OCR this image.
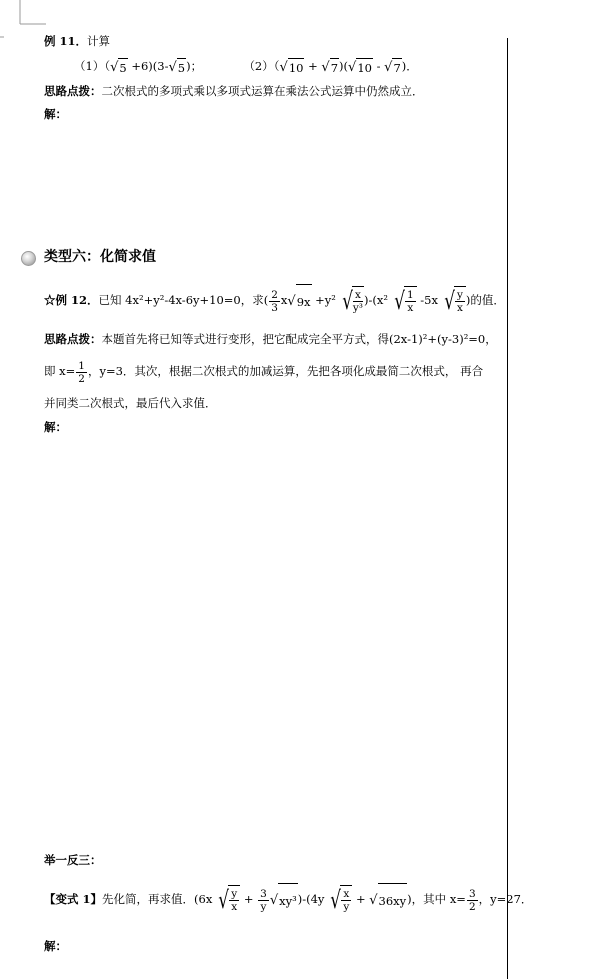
例 11．计算
（1）（ √ 5 +6)(3- √ 5 )；	（2）（ √ 10 + √ 7 )( √ 10 - √ 7 )．
思路点拨：二次根式的多项式乘以多项式运算在乘法公式运算中仍然成立．
解：
类型六：化简求值
☆例 12．已知 4x²+y²-4x-6y+10=0，求( $\frac{2}{3}$ x √ 9x +y² √ $\frac{x}{\text{y³}} )-(x^2$ √ $\frac{1}{x} -5x$ √ $\frac{y}{x}$ )的值．
思路点拨：本题首先将已知等式进行变形，把它配成完全平方式，得(2x-1)²+(y-3)²=0，
即 $x= \frac{1}{2}$ ，y=3．其次，根据二次根式的加减运算，先把各项化成最简二次根式， 再合
并同类二次根式，最后代入求值．
解：
举一反三：
【变式 1】先化简，再求值．(6x √ $\frac{y}{x} + \frac{3}{y}$ √ xy³ )-(4y √ $\frac{x}{y}$ + √ 36xy )，其中 $x= \frac{3}{2}$ ，y=27．
解：
